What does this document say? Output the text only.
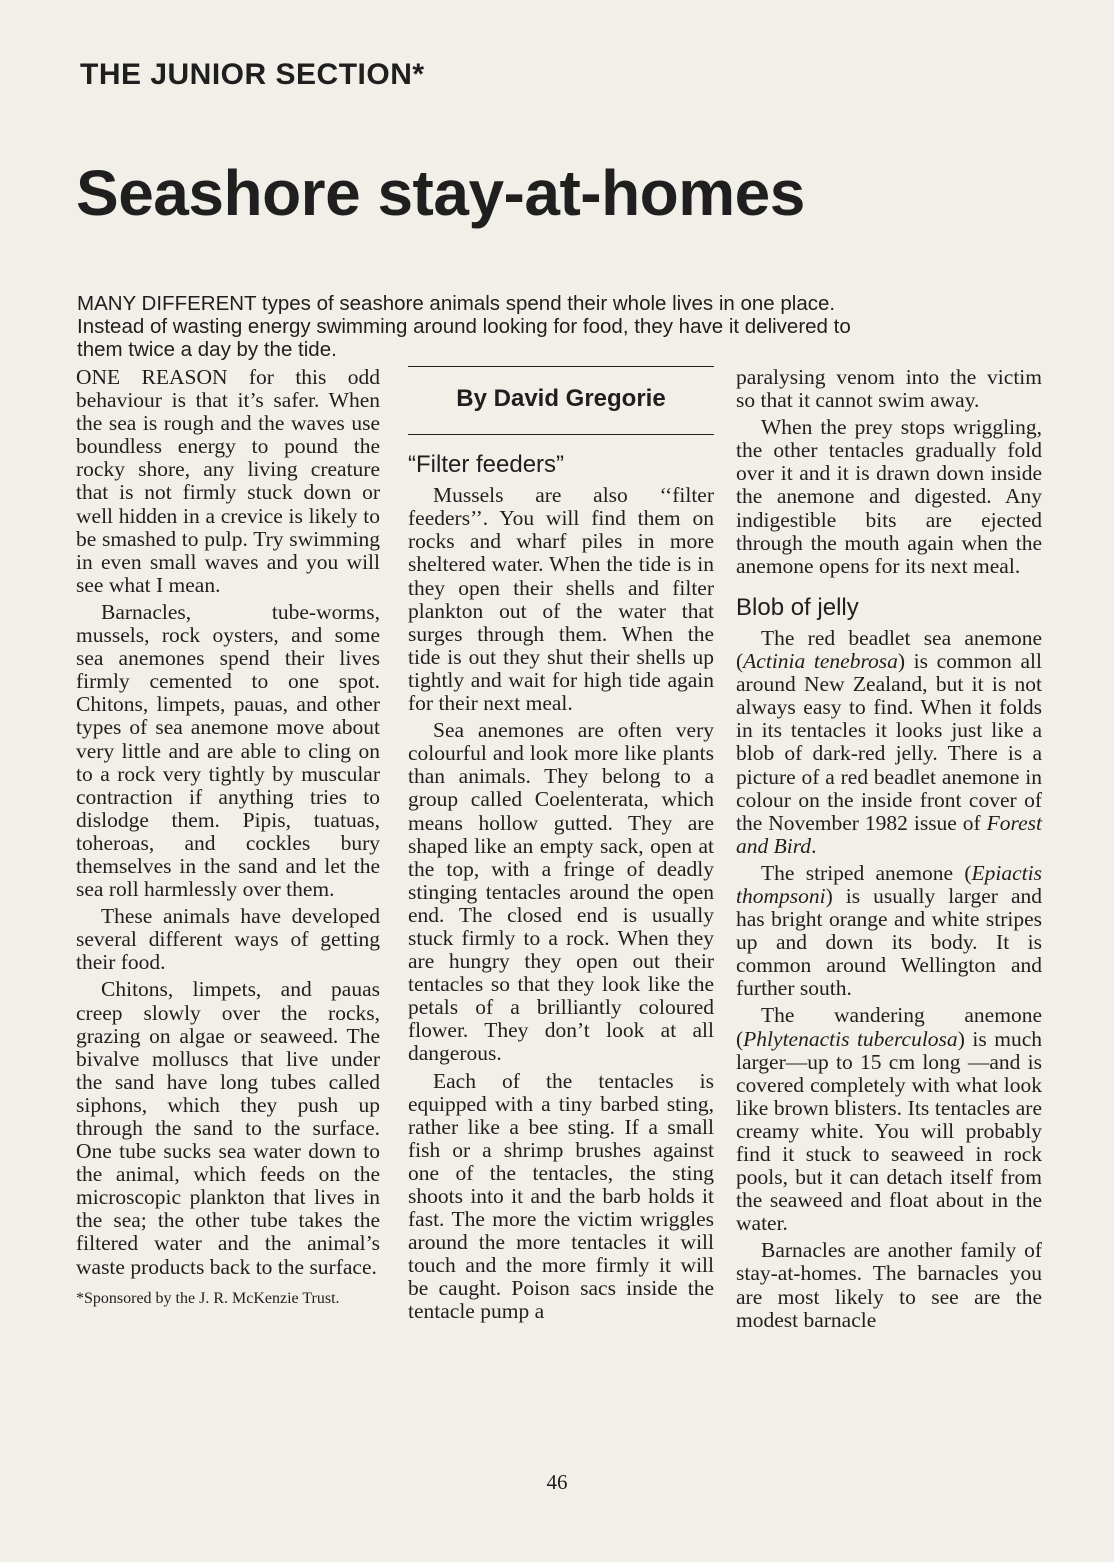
THE JUNIOR SECTION*
Seashore stay-at-homes

MANY DIFFERENT types of seashore animals spend their whole lives in one place. Instead of wasting energy swimming around looking for food, they have it delivered to them twice a day by the tide.

ONE REASON for this odd behaviour is that it’s safer. When the sea is rough and the waves use boundless energy to pound the rocky shore, any living creature that is not firmly stuck down or well hidden in a crevice is likely to be smashed to pulp. Try swimming in even small waves and you will see what I mean.

Barnacles, tube-worms, mussels, rock oysters, and some sea anemones spend their lives firmly cemented to one spot. Chitons, limpets, pauas, and other types of sea anemone move about very little and are able to cling on to a rock very tightly by muscular contraction if anything tries to dislodge them. Pipis, tuatuas, toheroas, and cockles bury themselves in the sand and let the sea roll harmlessly over them.

These animals have developed several different ways of getting their food.

Chitons, limpets, and pauas creep slowly over the rocks, grazing on algae or seaweed. The bivalve molluscs that live under the sand have long tubes called siphons, which they push up through the sand to the surface. One tube sucks sea water down to the animal, which feeds on the microscopic plankton that lives in the sea; the other tube takes the filtered water and the animal’s waste products back to the surface.

*Sponsored by the J. R. McKenzie Trust.

By David Gregorie
“Filter feeders”

Mussels are also ‘‘filter feeders’’. You will find them on rocks and wharf piles in more sheltered water. When the tide is in they open their shells and filter plankton out of the water that surges through them. When the tide is out they shut their shells up tightly and wait for high tide again for their next meal.

Sea anemones are often very colourful and look more like plants than animals. They belong to a group called Coelenterata, which means hollow gutted. They are shaped like an empty sack, open at the top, with a fringe of deadly stinging tentacles around the open end. The closed end is usually stuck firmly to a rock. When they are hungry they open out their tentacles so that they look like the petals of a brilliantly coloured flower. They don’t look at all dangerous.

Each of the tentacles is equipped with a tiny barbed sting, rather like a bee sting. If a small fish or a shrimp brushes against one of the tentacles, the sting shoots into it and the barb holds it fast. The more the victim wriggles around the more tentacles it will touch and the more firmly it will be caught. Poison sacs inside the tentacle pump a

paralysing venom into the victim so that it cannot swim away.

When the prey stops wriggling, the other tentacles gradually fold over it and it is drawn down inside the anemone and digested. Any indigestible bits are ejected through the mouth again when the anemone opens for its next meal.

Blob of jelly

The red beadlet sea anemone (Actinia tenebrosa) is common all around New Zealand, but it is not always easy to find. When it folds in its tentacles it looks just like a blob of dark-red jelly. There is a picture of a red beadlet anemone in colour on the inside front cover of the November 1982 issue of Forest and Bird.

The striped anemone (Epiactis thompsoni) is usually larger and has bright orange and white stripes up and down its body. It is common around Wellington and further south.

The wandering anemone (Phlytenactis tuberculosa) is much larger—up to 15 cm long —and is covered completely with what look like brown blisters. Its tentacles are creamy white. You will probably find it stuck to seaweed in rock pools, but it can detach itself from the seaweed and float about in the water.

Barnacles are another family of stay-at-homes. The barnacles you are most likely to see are the modest barnacle

46
